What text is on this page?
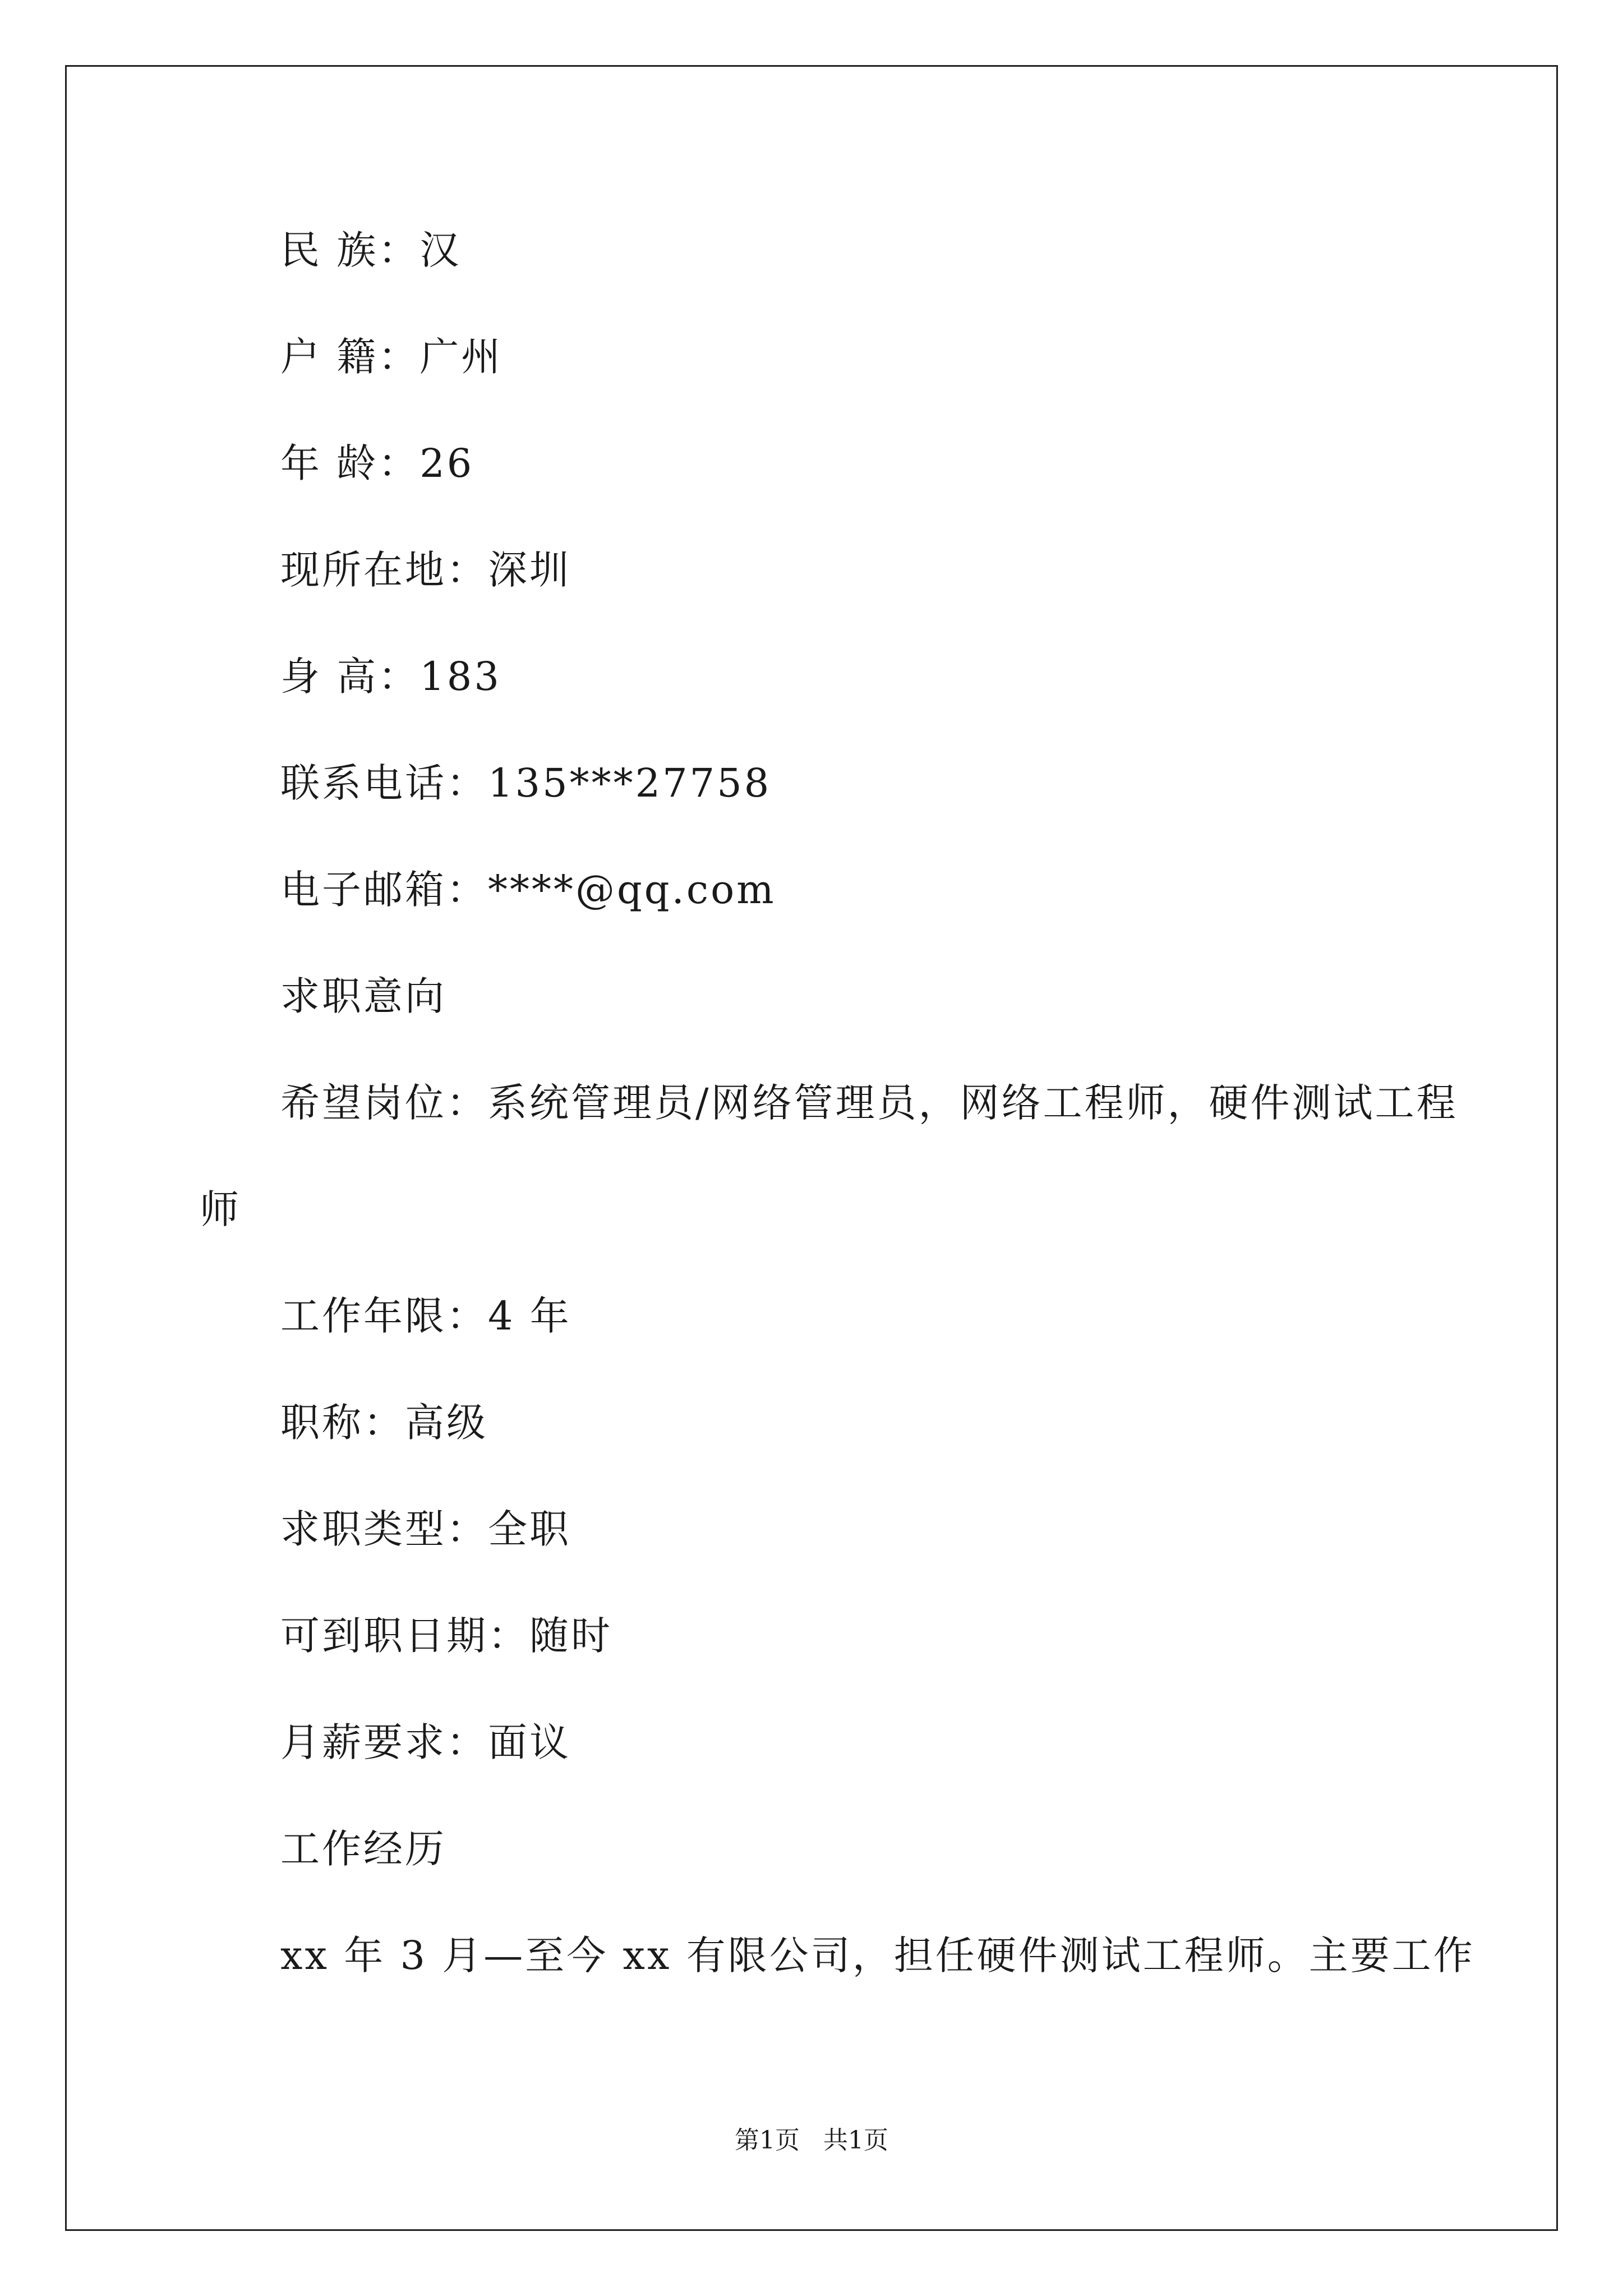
民 族：汉
户 籍：广州
年 龄：26
现所在地：深圳
身 高：183
联系电话：135***27758
电子邮箱：****@qq.com
求职意向
希望岗位：系统管理员/网络管理员，网络工程师，硬件测试工程
师
工作年限：4 年
职称：高级
求职类型：全职
可到职日期：随时
月薪要求：面议
工作经历
xx 年 3 月—至今 xx 有限公司，担任硬件测试工程师。主要工作
第1页   共1页
